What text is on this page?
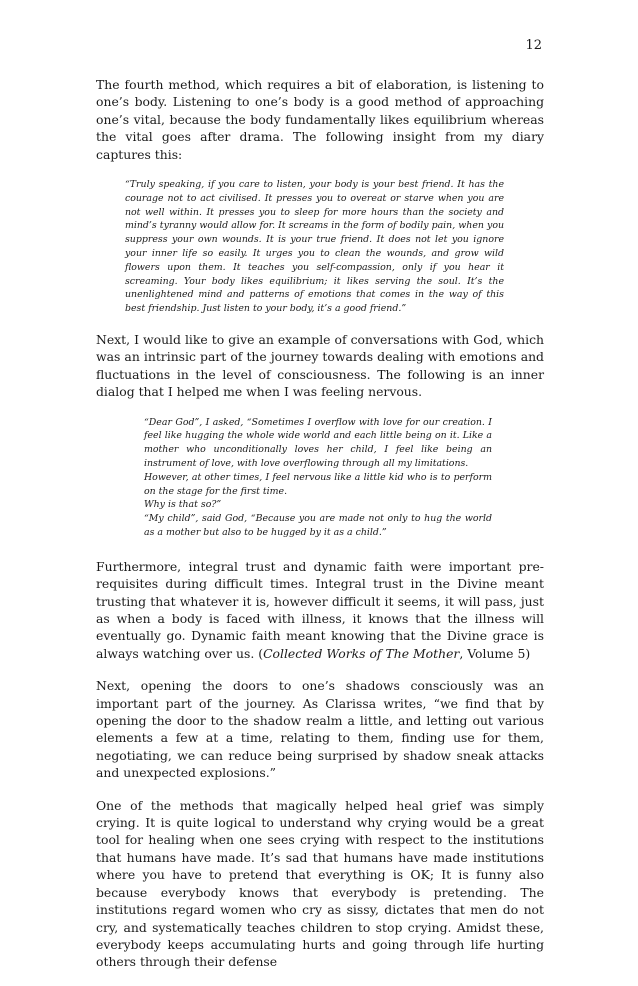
12

The fourth method, which requires a bit of elaboration, is listening to one’s body. Listening to one’s body is a good method of approaching one’s vital, because the body fundamentally likes equilibrium whereas the vital goes after drama. The following insight from my diary captures this:

“Truly speaking, if you care to listen, your body is your best friend. It has the courage not to act civilised. It presses you to overeat or starve when you are not well within. It presses you to sleep for more hours than the society and mind’s tyranny would allow for. It screams in the form of bodily pain, when you suppress your own wounds. It is your true friend. It does not let you ignore your inner life so easily. It urges you to clean the wounds, and grow wild flowers upon them. It teaches you self-compassion, only if you hear it screaming. Your body likes equilibrium; it likes serving the soul. It’s the unenlightened mind and patterns of emotions that comes in the way of this best friendship. Just listen to your body, it’s a good friend.”

Next, I would like to give an example of conversations with God, which was an intrinsic part of the journey towards dealing with emotions and fluctuations in the level of consciousness. The following is an inner dialog that I helped me when I was feeling nervous.

“Dear God”, I asked, “Sometimes I overflow with love for our creation. I feel like hugging the whole wide world and each little being on it. Like a mother who unconditionally loves her child, I feel like being an instrument of love, with love overflowing through all my limitations.
However, at other times, I feel nervous like a little kid who is to perform on the stage for the first time.
Why is that so?”
“My child”, said God, “Because you are made not only to hug the world as a mother but also to be hugged by it as a child.”

Furthermore, integral trust and dynamic faith were important pre-requisites during difficult times. Integral trust in the Divine meant trusting that whatever it is, however difficult it seems, it will pass, just as when a body is faced with illness, it knows that the illness will eventually go. Dynamic faith meant knowing that the Divine grace is always watching over us. (Collected Works of The Mother, Volume 5)

Next, opening the doors to one’s shadows consciously was an important part of the journey. As Clarissa writes, “we find that by opening the door to the shadow realm a little, and letting out various elements a few at a time, relating to them, finding use for them, negotiating, we can reduce being surprised by shadow sneak attacks and unexpected explosions.”

One of the methods that magically helped heal grief was simply crying. It is quite logical to understand why crying would be a great tool for healing when one sees crying with respect to the institutions that humans have made. It’s sad that humans have made institutions where you have to pretend that everything is OK; It is funny also because everybody knows that everybody is pretending. The institutions regard women who cry as sissy, dictates that men do not cry, and systematically teaches children to stop crying. Amidst these, everybody keeps accumulating hurts and going through life hurting others through their defense
